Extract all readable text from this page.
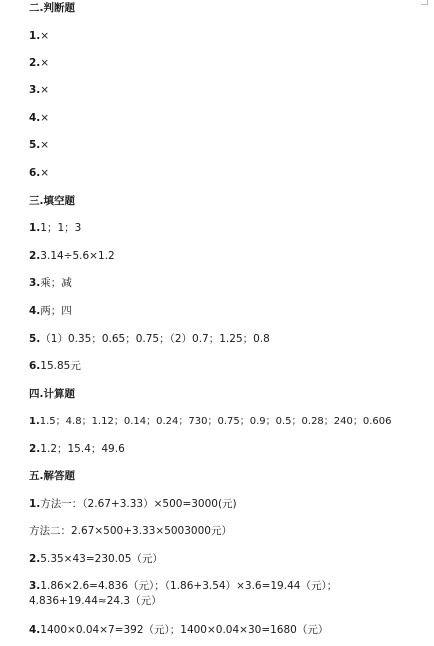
二.判断题
1.×
2.×
3.×
4.×
5.×
6.×
三.填空题
1.1；1；3
2.3.14÷5.6×1.2
3.乘；减
4.两；四
5.（1）0.35；0.65；0.75；（2）0.7；1.25；0.8
6.15.85元
四.计算题
1.1.5；4.8；1.12；0.14；0.24；730；0.75；0.9；0.5；0.28；240；0.606
2.1.2；15.4；49.6
五.解答题
1.方法一：（2.67+3.33）×500=3000(元)
方法二：2.67×500+3.33×5003000元）
2.5.35×43=230.05（元）
3.1.86×2.6=4.836（元）；（1.86+3.54）×3.6=19.44（元）；
4.836+19.44≈24.3（元）
4.1400×0.04×7=392（元）；1400×0.04×30=1680（元）
